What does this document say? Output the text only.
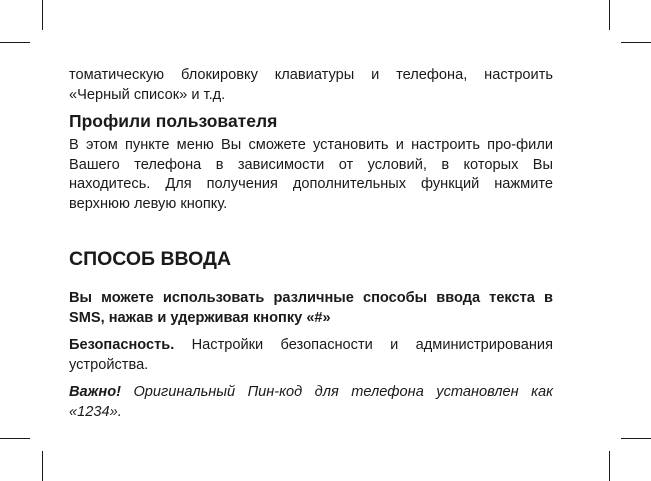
томатическую блокировку клавиатуры и телефона, настроить «Черный список» и т.д.

Профили пользователя

В этом пункте меню Вы сможете установить и настроить про-фили Вашего телефона в зависимости от условий, в которых Вы находитесь. Для получения дополнительных функций нажмите верхнюю левую кнопку.

СПОСОБ ВВОДА

Вы можете использовать различные способы ввода текста в SMS, нажав и удерживая кнопку «#»

Безопасность. Настройки безопасности и администрирования устройства.

Важно! Оригинальный Пин-код для телефона установлен как «1234».
